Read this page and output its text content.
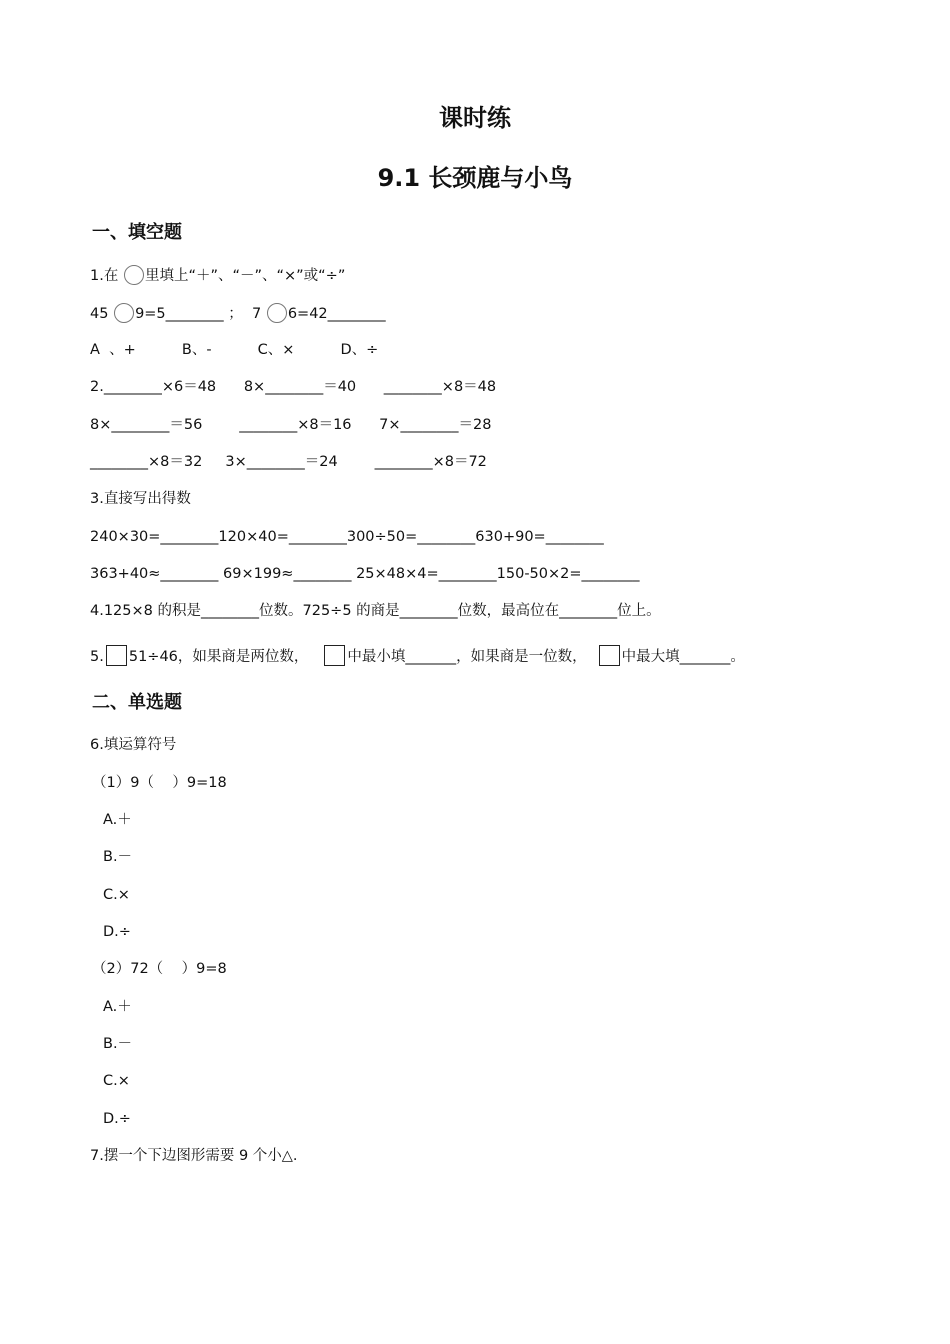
课时练
9.1 长颈鹿与小鸟
一、填空题
1.在 里填上“＋”、“－”、“×”或“÷”
45 9=5________ ；  7 6=42________
A  、+          B、-          C、×          D、÷
2.________×6＝48      8×________＝40      ________×8＝48
8×________＝56        ________×8＝16      7×________＝28
________×8＝32     3×________＝24        ________×8＝72
3.直接写出得数
240×30=________120×40=________300÷50=________630+90=________
363+40≈________ 69×199≈________ 25×48×4=________150-50×2=________
4.125×8 的积是________位数。725÷5 的商是________位数，最高位在________位上。
5. 51÷46，如果商是两位数，	中最小填_______，如果商是一位数， 中最大填_______。
二、单选题
6.填运算符号
（1）9（    ）9=18
A.＋
B.－
C.×
D.÷
（2）72（    ）9=8
A.＋
B.－
C.×
D.÷
7.摆一个下边图形需要 9 个小△.
